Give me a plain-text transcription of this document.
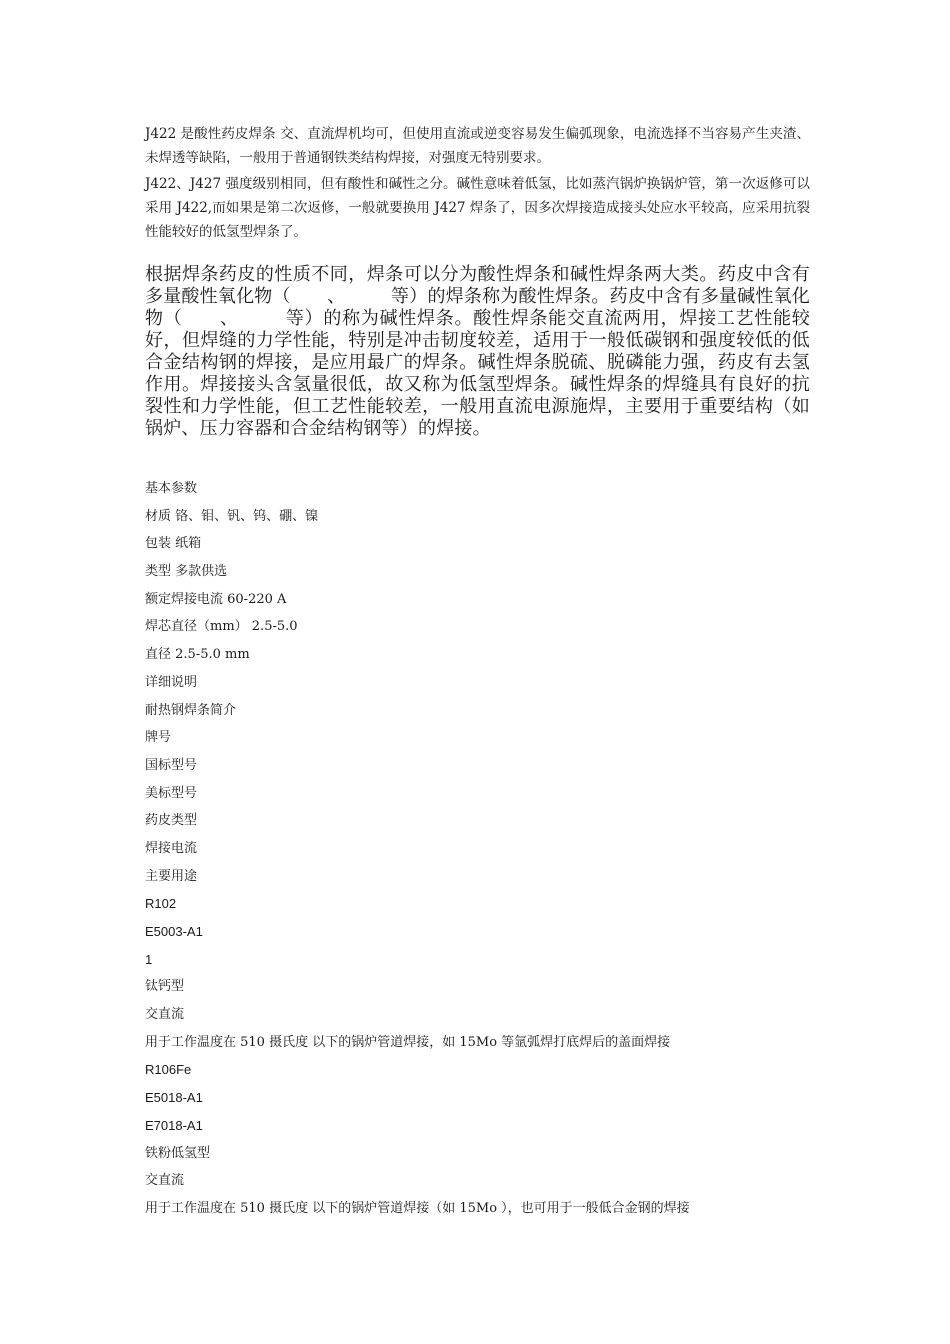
J422 是酸性药皮焊条 交、直流焊机均可，但使用直流或逆变容易发生偏弧现象，电流选择不当容易产生夹渣、未焊透等缺陷，一般用于普通钢铁类结构焊接，对强度无特别要求。

J422、J427 强度级别相同，但有酸性和碱性之分。碱性意味着低氢，比如蒸汽锅炉换锅炉管，第一次返修可以采用 J422,而如果是第二次返修，一般就要换用 J427 焊条了，因多次焊接造成接头处应水平较高，应采用抗裂性能较好的低氢型焊条了。

根据焊条药皮的性质不同，焊条可以分为酸性焊条和碱性焊条两大类。药皮中含有多量酸性氧化物（　　、　　　等）的焊条称为酸性焊条。药皮中含有多量碱性氧化物（　　、　　　等）的称为碱性焊条。酸性焊条能交直流两用，焊接工艺性能较好，但焊缝的力学性能，特别是冲击韧度较差，适用于一般低碳钢和强度较低的低合金结构钢的焊接，是应用最广的焊条。碱性焊条脱硫、脱磷能力强，药皮有去氢作用。焊接接头含氢量很低，故又称为低氢型焊条。碱性焊条的焊缝具有良好的抗裂性和力学性能，但工艺性能较差，一般用直流电源施焊，主要用于重要结构（如锅炉、压力容器和合金结构钢等）的焊接。

基本参数
材质 铬、钼、钒、钨、硼、镍
包装 纸箱
类型 多款供选
额定焊接电流 60-220 A
焊芯直径（mm） 2.5-5.0
直径 2.5-5.0 mm
详细说明
耐热钢焊条简介
牌号
国标型号
美标型号
药皮类型
焊接电流
主要用途
R102
E5003-A1
1
钛钙型
交直流
用于工作温度在 510 摄氏度 以下的锅炉管道焊接，如 15Mo 等氩弧焊打底焊后的盖面焊接
R106Fe
E5018-A1
E7018-A1
铁粉低氢型
交直流
用于工作温度在 510 摄氏度 以下的锅炉管道焊接（如 15Mo ），也可用于一般低合金钢的焊接
